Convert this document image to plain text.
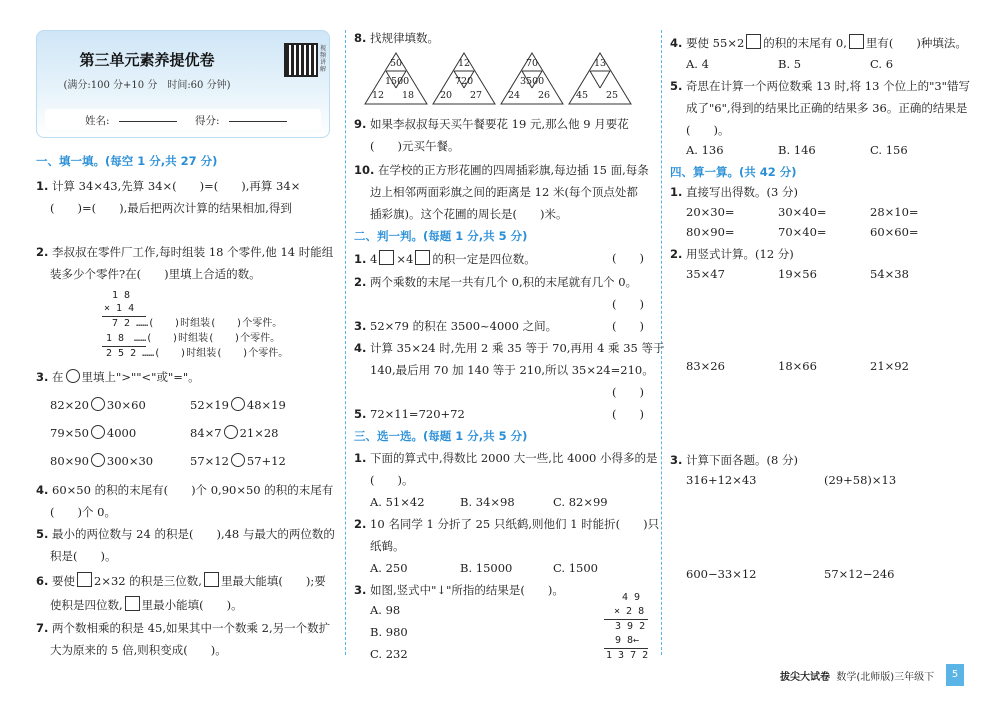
第三单元素养提优卷
(满分:100 分+10 分　时间:60 分钟)
视频讲解
姓名:	得分:
一、填一填。(每空 1 分,共 27 分)
1. 计算 34×43,先算 34×(　　)=(　　),再算 34×
(　　)=(　　),最后把两次计算的结果相加,得到
2. 李叔叔在零件厂工作,每时组装 18 个零件,他 14 时能组
装多少个零件?在(　　)里填上合适的数。
1 8
× 1 4
7 2 ……(　　)时组装(　　)个零件。
1 8　……(　　)时组装(　　)个零件。
2 5 2 ……(　　)时组装(　　)个零件。
3. 在 里填上">""<"或"="。
82×20 30×60	52×19 48×19
79×50 4000	84×7 21×28
80×90 300×30	57×12 57+12
4. 60×50 的积的末尾有(　　)个 0,90×50 的积的末尾有
(　　)个 0。
5. 最小的两位数与 24 的积是(　　),48 与最大的两位数的
积是(　　)。
6. 要使 2×32 的积是三位数, 里最大能填(　　);要
使积是四位数, 里最小能填(　　)。
7. 两个数相乘的积是 45,如果其中一个数乘 2,另一个数扩
大为原来的 5 倍,则积变成(　　)。
8. 找规律填数。
50
1500
12 18
12
720
20 27
70
3500
24 26
13
45 25
9. 如果李叔叔每天买午餐要花 19 元,那么他 9 月要花
(　　)元买午餐。
10. 在学校的正方形花圃的四周插彩旗,每边插 15 面,每条
边上相邻两面彩旗之间的距离是 12 米(每个顶点处都
插彩旗)。这个花圃的周长是(　　)米。
二、判一判。(每题 1 分,共 5 分)
1. 4 ×4 的积一定是四位数。	(　　)
2. 两个乘数的末尾一共有几个 0,积的末尾就有几个 0。
(　　)
3. 52×79 的积在 3500~4000 之间。	(　　)
4. 计算 35×24 时,先用 2 乘 35 等于 70,再用 4 乘 35 等于
140,最后用 70 加 140 等于 210,所以 35×24=210。
(　　)
5. 72×11=720+72	(　　)
三、选一选。(每题 1 分,共 5 分)
1. 下面的算式中,得数比 2000 大一些,比 4000 小得多的是
(　　)。
A. 51×42	B. 34×98	C. 82×99
2. 10 名同学 1 分折了 25 只纸鹤,则他们 1 时能折(　　)只
纸鹤。
A. 250	B. 15000	C. 1500
3. 如图,竖式中"↓"所指的结果是(　　)。
A. 98
B. 980
C. 232
4 9
× 2 8
3 9 2
9 8←
1 3 7 2
4. 要使 55×2 的积的末尾有 0, 里有(　　)种填法。
A. 4	B. 5	C. 6
5. 奇思在计算一个两位数乘 13 时,将 13 个位上的"3"错写
成了"6",得到的结果比正确的结果多 36。正确的结果是
(　　)。
A. 136	B. 146	C. 156
四、算一算。(共 42 分)
1. 直接写出得数。(3 分)
20×30=	30×40=	28×10=
80×90=	70×40=	60×60=
2. 用竖式计算。(12 分)
35×47	19×56	54×38
83×26	18×66	21×92
3. 计算下面各题。(8 分)
316+12×43	(29+58)×13
600−33×12	57×12−246
拔尖大试卷 数学(北师版)三年级下	5
